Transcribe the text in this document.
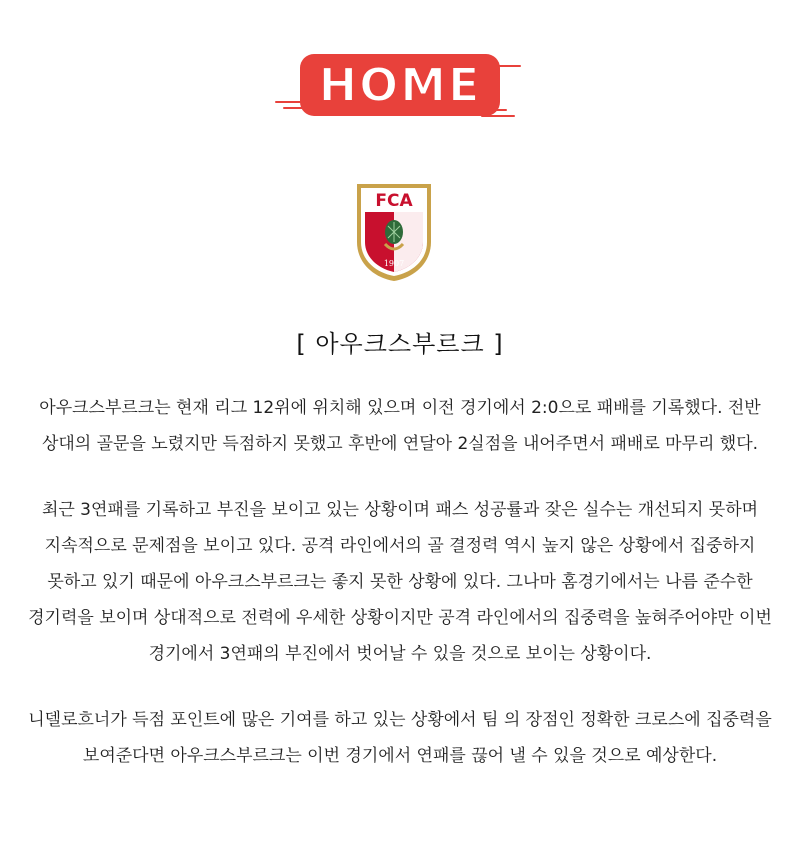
HOME
FCA
1907
[ 아우크스부르크 ]

아우크스부르크는 현재 리그 12위에 위치해 있으며 이전 경기에서 2:0으로 패배를 기록했다. 전반 상대의 골문을 노렸지만 득점하지 못했고 후반에 연달아 2실점을 내어주면서 패배로 마무리 했다.

최근 3연패를 기록하고 부진을 보이고 있는 상황이며 패스 성공률과 잦은 실수는 개선되지 못하며 지속적으로 문제점을 보이고 있다. 공격 라인에서의 골 결정력 역시 높지 않은 상황에서 집중하지 못하고 있기 때문에 아우크스부르크는 좋지 못한 상황에 있다. 그나마 홈경기에서는 나름 준수한 경기력을 보이며 상대적으로 전력에 우세한 상황이지만 공격 라인에서의 집중력을 높혀주어야만 이번 경기에서 3연패의 부진에서 벗어날 수 있을 것으로 보이는 상황이다.

니델로흐너가 득점 포인트에 많은 기여를 하고 있는 상황에서 팀 의 장점인 정확한 크로스에 집중력을 보여준다면 아우크스부르크는 이번 경기에서 연패를 끊어 낼 수 있을 것으로 예상한다.
